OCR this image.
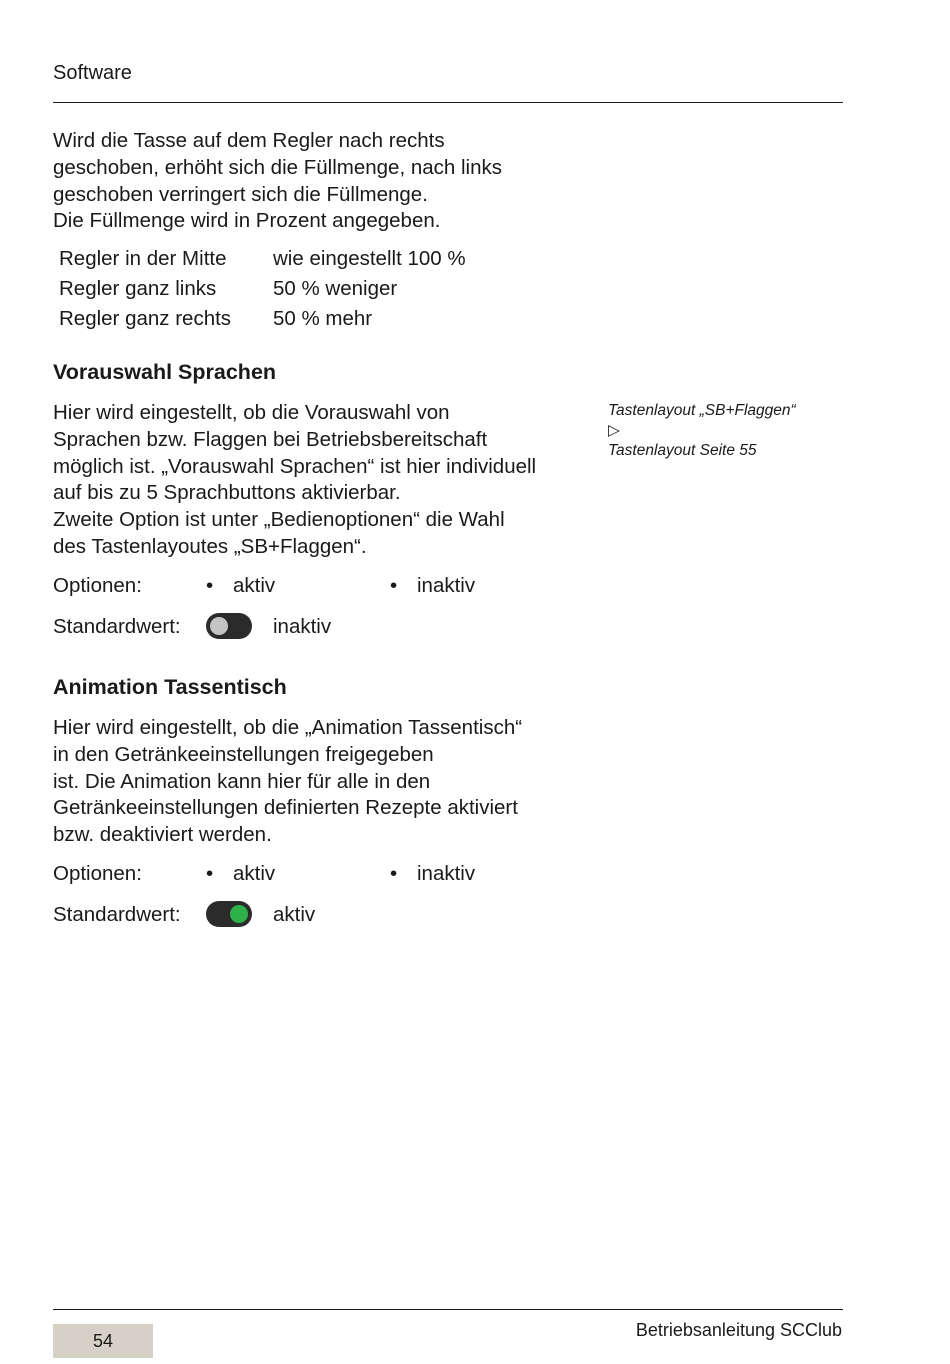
Software

Wird die Tasse auf dem Regler nach rechts
geschoben, erhöht sich die Füllmenge, nach links
geschoben verringert sich die Füllmenge.
Die Füllmenge wird in Prozent angegeben.

Regler in der Mitte	wie eingestellt 100 %
Regler ganz links	50 % weniger
Regler ganz rechts	50 % mehr
Vorauswahl Sprachen

Hier wird eingestellt, ob die Vorauswahl von
Sprachen bzw. Flaggen bei Betriebsbereitschaft
möglich ist. „Vorauswahl Sprachen“ ist hier individuell
auf bis zu 5 Sprachbuttons aktivierbar.
Zweite Option ist unter „Bedienoptionen“ die Wahl
des Tastenlayoutes „SB+Flaggen“.

Tastenlayout „SB+Flaggen“
▷
Tastenlayout Seite 55
Optionen:	• aktiv	• inaktiv
Standardwert:	inaktiv
Animation Tassentisch

Hier wird eingestellt, ob die „Animation Tassentisch“
in den Getränkeeinstellungen freigegeben
ist. Die Animation kann hier für alle in den
Getränkeeinstellungen definierten Rezepte aktiviert
bzw. deaktiviert werden.

Optionen:	• aktiv	• inaktiv
Standardwert:	aktiv
54
Betriebsanleitung SCClub
